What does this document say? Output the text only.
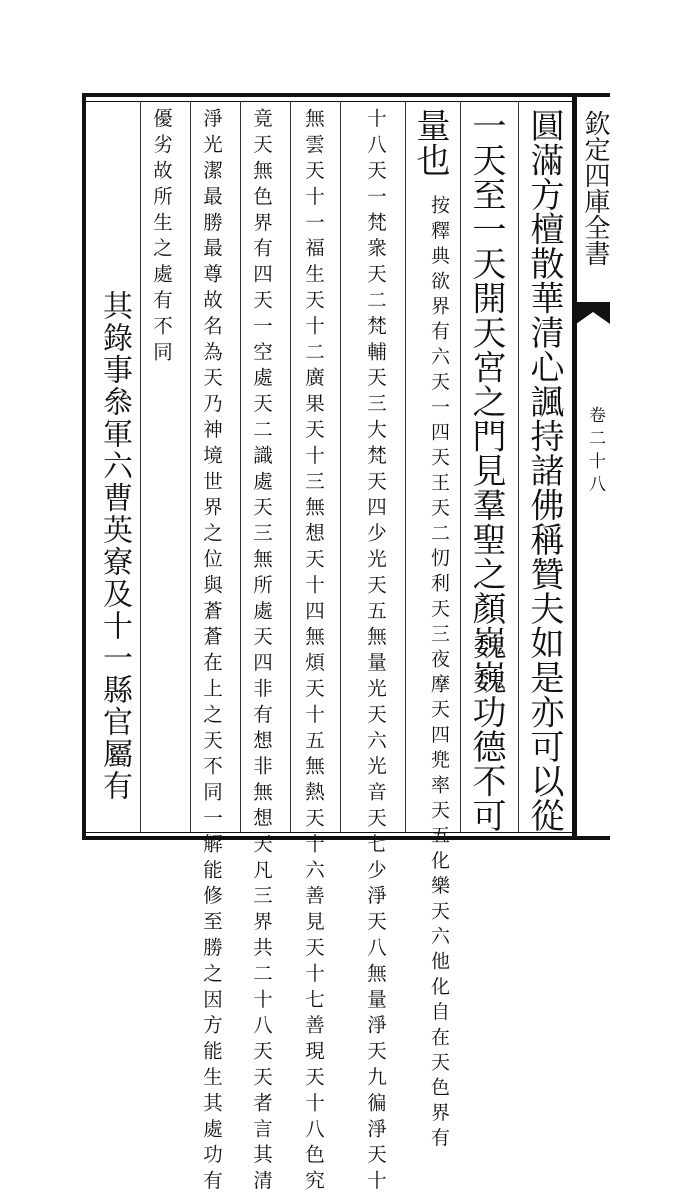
欽定四庫全書
卷二十八
圓滿方檀散華清心諷持諸佛稱贊夫如是亦可以從
一天至一天開天宮之門見羣聖之顏巍巍功德不可
量也
按釋典欲界有六天一四天王天二忉利天三夜摩天四兠率天五化樂天六他化自在天色界有
十八天一梵衆天二梵輔天三大梵天四少光天五無量光天六光音天七少淨天八無量淨天九徧淨天十
無雲天十一福生天十二廣果天十三無想天十四無煩天十五無熱天十六善見天十七善現天十八色究
竟天無色界有四天一空處天二識處天三無所處天四非有想非無想天凡三界共二十八天天者言其清
淨光潔最勝最尊故名為天乃神境世界之位與蒼蒼在上之天不同一解能修至勝之因方能生其處功有
優劣故所生之處有不同
其錄事叅軍六曹英寮及十一縣官屬有
